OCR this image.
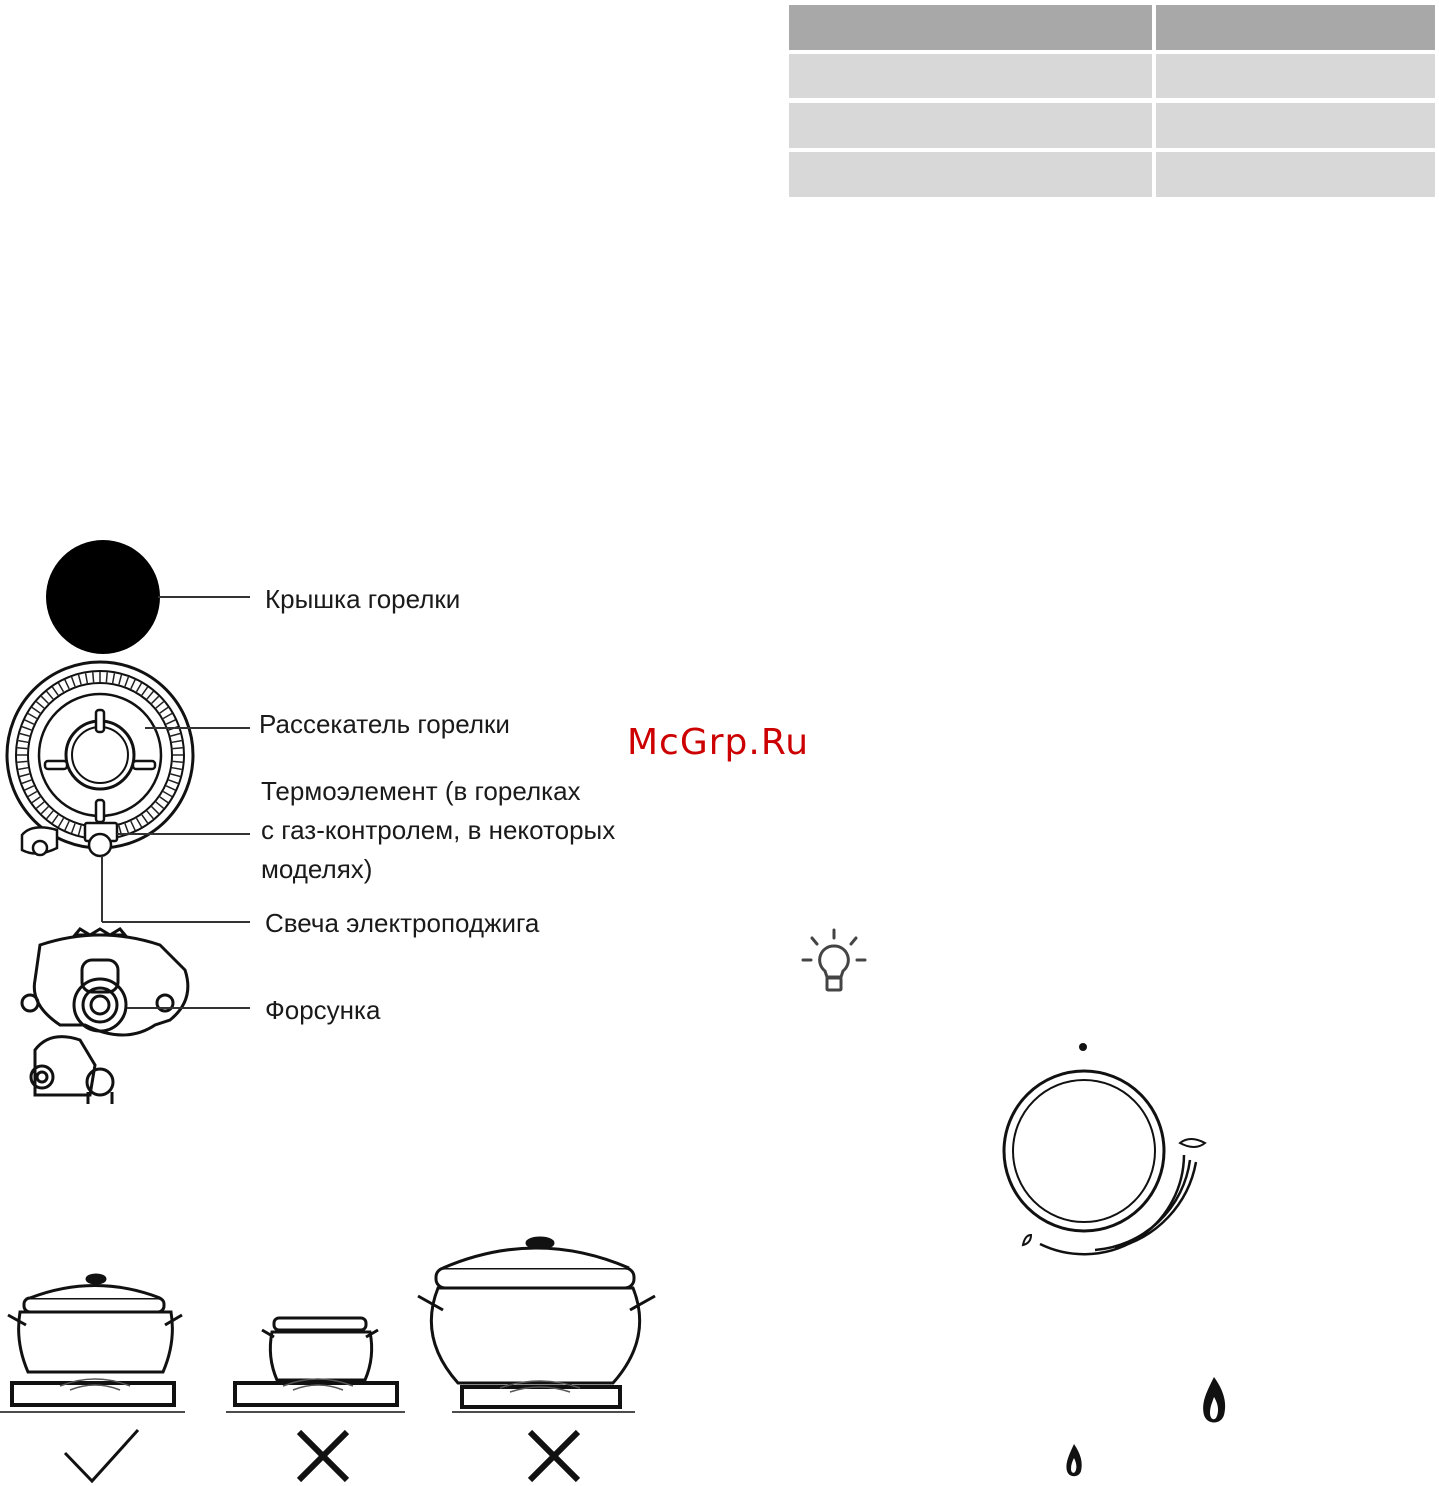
Крышка горелки
Рассекатель горелки
Термоэлемент (в горелках
с газ-контролем, в некоторых
моделях)
Свеча электроподжига
Форсунка
McGrp.Ru
